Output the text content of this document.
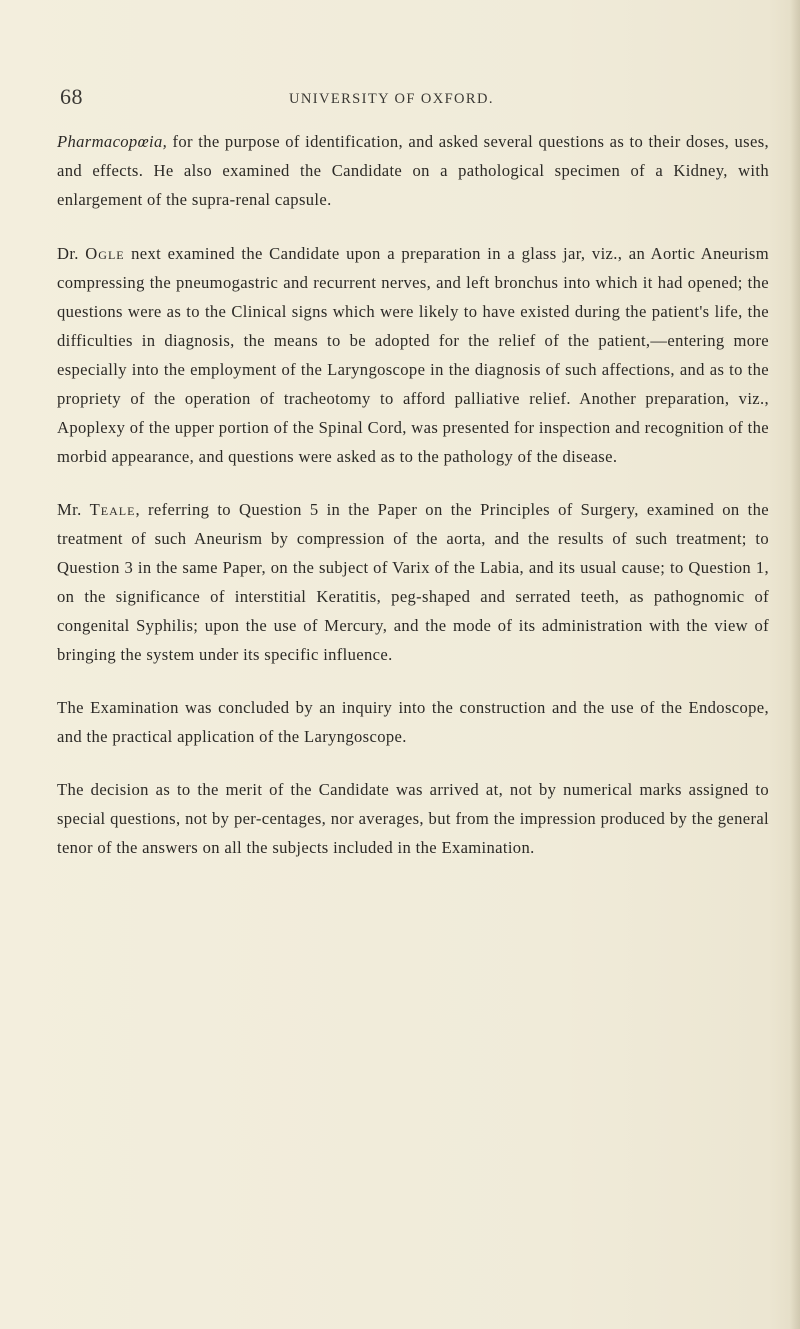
68	UNIVERSITY OF OXFORD.

Pharmacopœia, for the purpose of identification, and asked several questions as to their doses, uses, and effects. He also examined the Candidate on a pathological specimen of a Kidney, with enlargement of the supra-renal capsule.

Dr. Ogle next examined the Candidate upon a preparation in a glass jar, viz., an Aortic Aneurism compressing the pneumogastric and recurrent nerves, and left bronchus into which it had opened; the questions were as to the Clinical signs which were likely to have existed during the patient's life, the difficulties in diagnosis, the means to be adopted for the relief of the patient,—entering more especially into the employment of the Laryngoscope in the diagnosis of such affections, and as to the propriety of the operation of tracheotomy to afford palliative relief. Another preparation, viz., Apoplexy of the upper portion of the Spinal Cord, was presented for inspection and recognition of the morbid appearance, and questions were asked as to the pathology of the disease.

Mr. Teale, referring to Question 5 in the Paper on the Principles of Surgery, examined on the treatment of such Aneurism by compression of the aorta, and the results of such treatment; to Question 3 in the same Paper, on the subject of Varix of the Labia, and its usual cause; to Question 1, on the significance of interstitial Keratitis, peg-shaped and serrated teeth, as pathognomic of congenital Syphilis; upon the use of Mercury, and the mode of its administration with the view of bringing the system under its specific influence.

The Examination was concluded by an inquiry into the construction and the use of the Endoscope, and the practical application of the Laryngoscope.

The decision as to the merit of the Candidate was arrived at, not by numerical marks assigned to special questions, not by per-centages, nor averages, but from the impression produced by the general tenor of the answers on all the subjects included in the Examination.
